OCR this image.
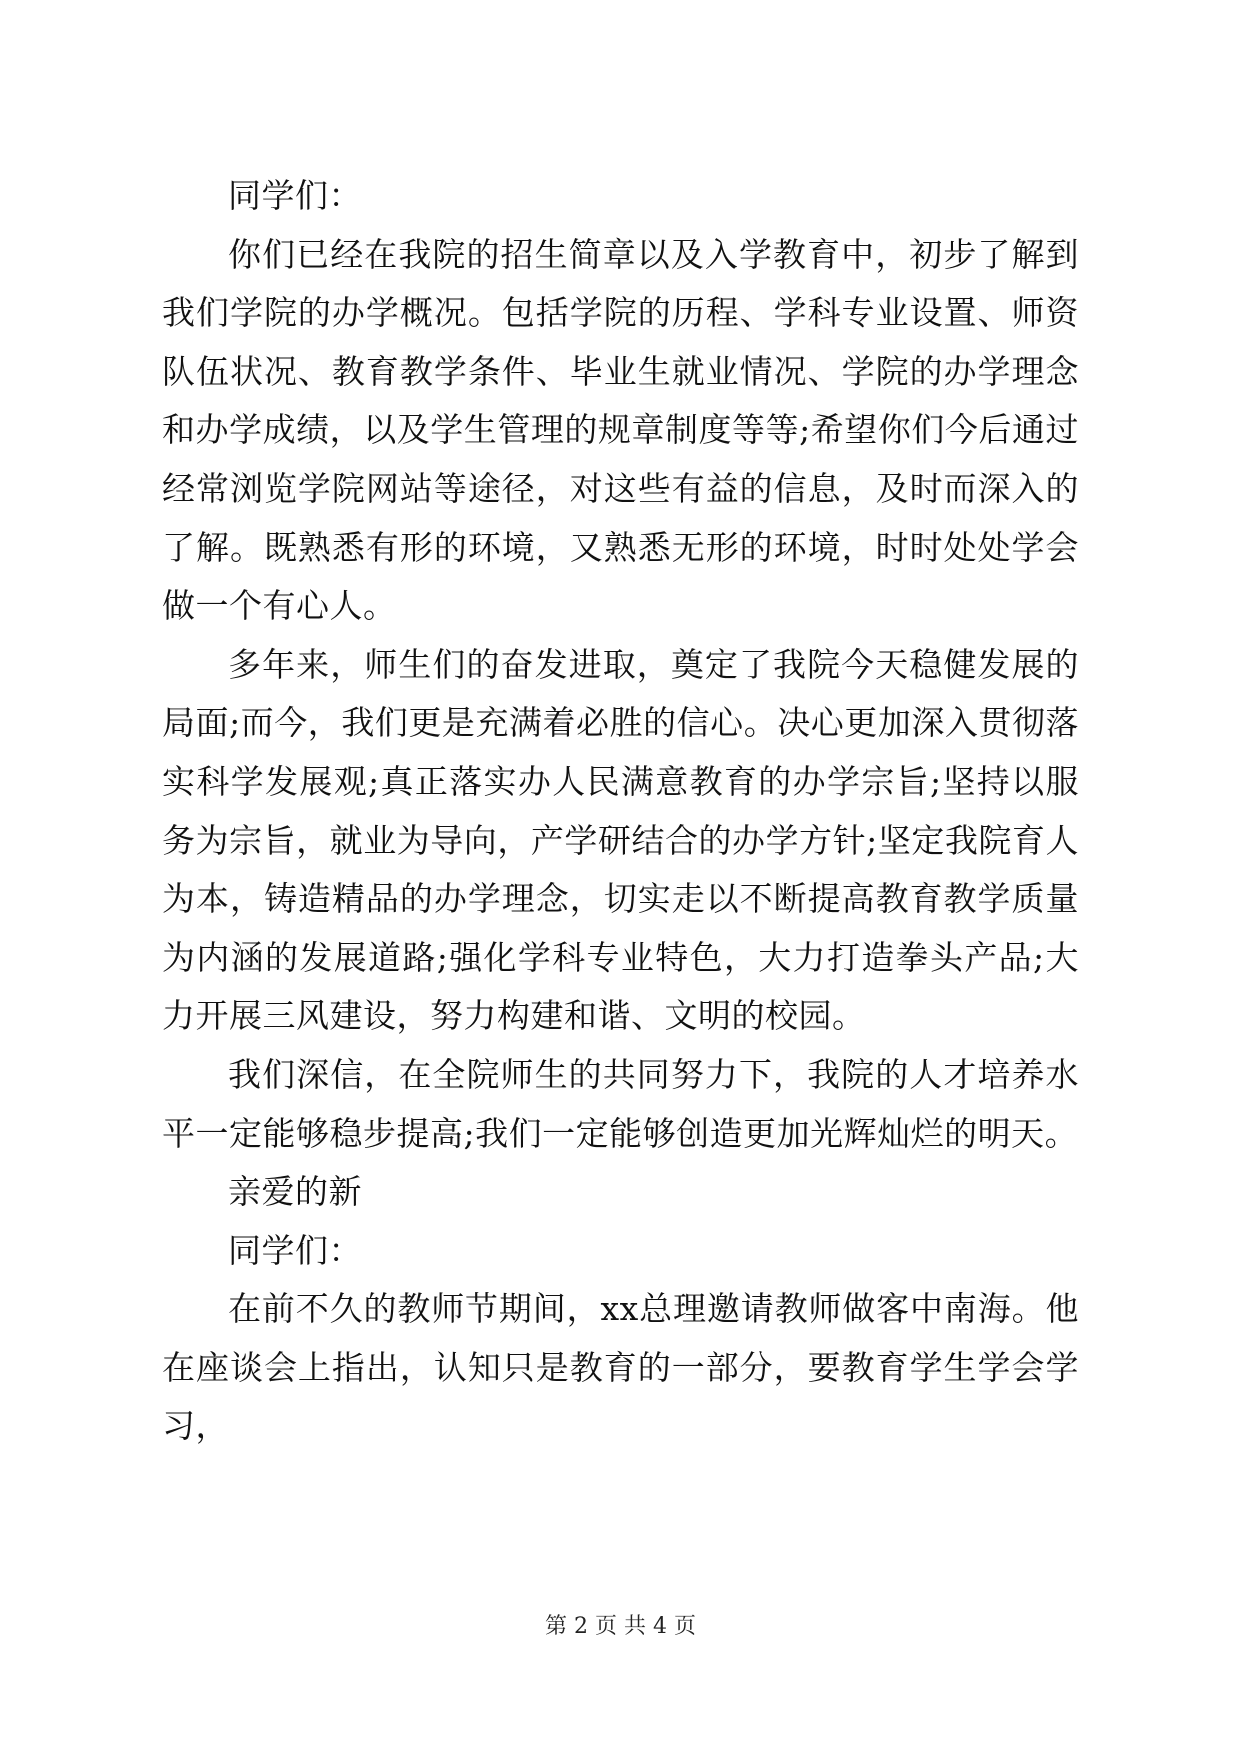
同学们：

你们已经在我院的招生简章以及入学教育中，初步了解到我们学院的办学概况。包括学院的历程、学科专业设置、师资队伍状况、教育教学条件、毕业生就业情况、学院的办学理念和办学成绩，以及学生管理的规章制度等等;希望你们今后通过经常浏览学院网站等途径，对这些有益的信息，及时而深入的了解。既熟悉有形的环境，又熟悉无形的环境，时时处处学会做一个有心人。

多年来，师生们的奋发进取，奠定了我院今天稳健发展的局面;而今，我们更是充满着必胜的信心。决心更加深入贯彻落实科学发展观;真正落实办人民满意教育的办学宗旨;坚持以服务为宗旨，就业为导向，产学研结合的办学方针;坚定我院育人为本，铸造精品的办学理念，切实走以不断提高教育教学质量为内涵的发展道路;强化学科专业特色，大力打造拳头产品;大力开展三风建设，努力构建和谐、文明的校园。

我们深信，在全院师生的共同努力下，我院的人才培养水平一定能够稳步提高;我们一定能够创造更加光辉灿烂的明天。

亲爱的新

同学们：

在前不久的教师节期间，xx总理邀请教师做客中南海。他在座谈会上指出，认知只是教育的一部分，要教育学生学会学习，

第 2 页 共 4 页
